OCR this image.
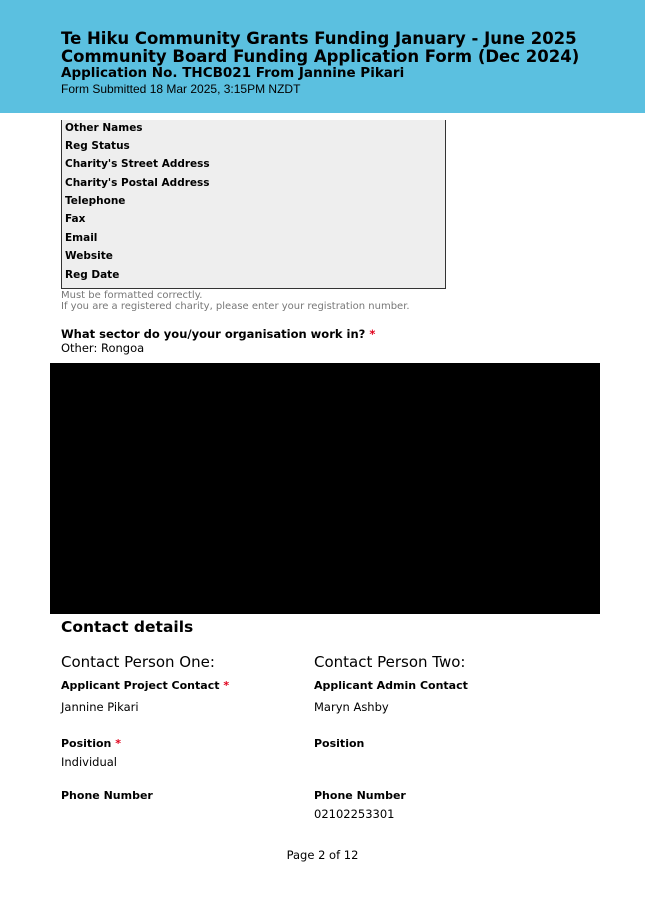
Te Hiku Community Grants Funding January - June 2025
Community Board Funding Application Form (Dec 2024)
Application No. THCB021 From Jannine Pikari
Form Submitted 18 Mar 2025, 3:15PM NZDT
Other Names
Reg Status
Charity's Street Address
Charity's Postal Address
Telephone
Fax
Email
Website
Reg Date
Must be formatted correctly.
If you are a registered charity, please enter your registration number.
What sector do you/your organisation work in? *
Other: Rongoa
Contact details
Contact Person One:	Contact Person Two:
Applicant Project Contact *
Jannine Pikari
Applicant Admin Contact
Maryn Ashby
Position *
Individual
Position
Phone Number	Phone Number
02102253301
Page 2 of 12
